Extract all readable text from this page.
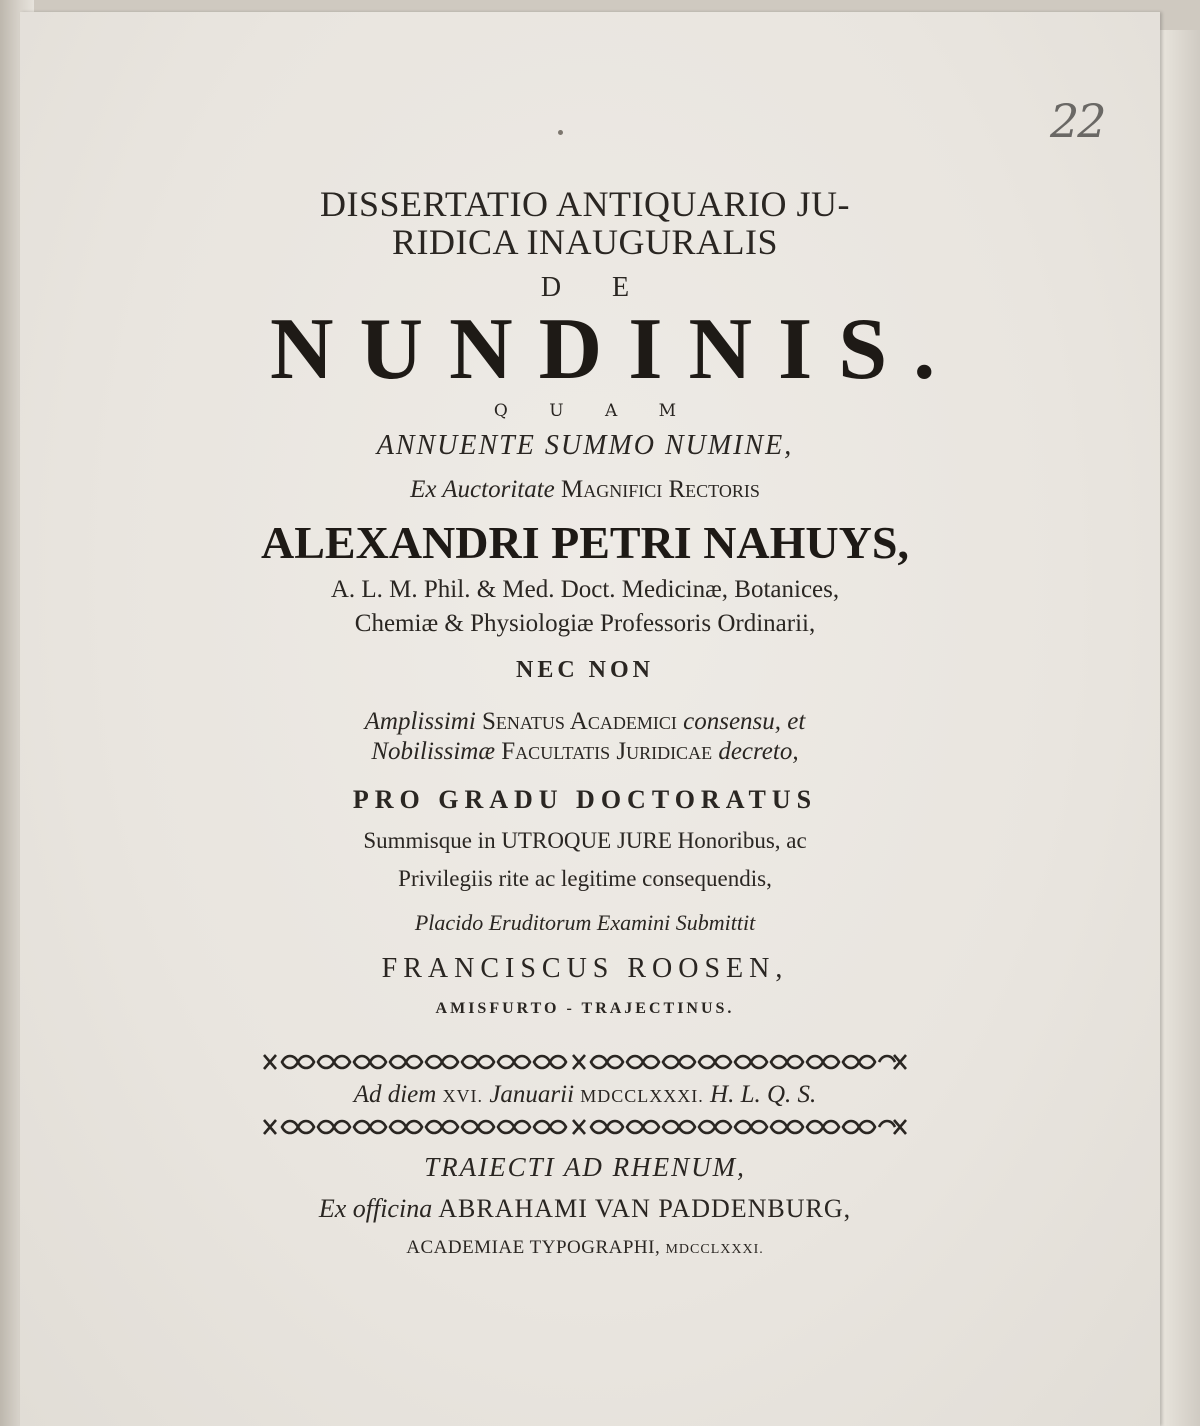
22
DISSERTATIO ANTIQUARIO JU-
RIDICA INAUGURALIS
D E
NUNDINIS.
Q U A M
ANNUENTE SUMMO NUMINE,
Ex Auctoritate Magnifici Rectoris
ALEXANDRI PETRI NAHUYS,
A. L. M. Phil. & Med. Doct. Medicinæ, Botanices,
Chemiæ & Physiologiæ Professoris Ordinarii,
NEC NON
Amplissimi Senatus Academici consensu, et
Nobilissimæ Facultatis Juridicae decreto,
PRO GRADU DOCTORATUS
Summisque in UTROQUE JURE Honoribus, ac
Privilegiis rite ac legitime consequendis,
Placido Eruditorum Examini Submittit
FRANCISCUS ROOSEN,
AMISFURTO - TRAJECTINUS.
Ad diem XVI. Januarii MDCCLXXXI. H. L. Q. S.
TRAIECTI AD RHENUM,
Ex officina ABRAHAMI VAN PADDENBURG,
ACADEMIAE TYPOGRAPHI, MDCCLXXXI.
